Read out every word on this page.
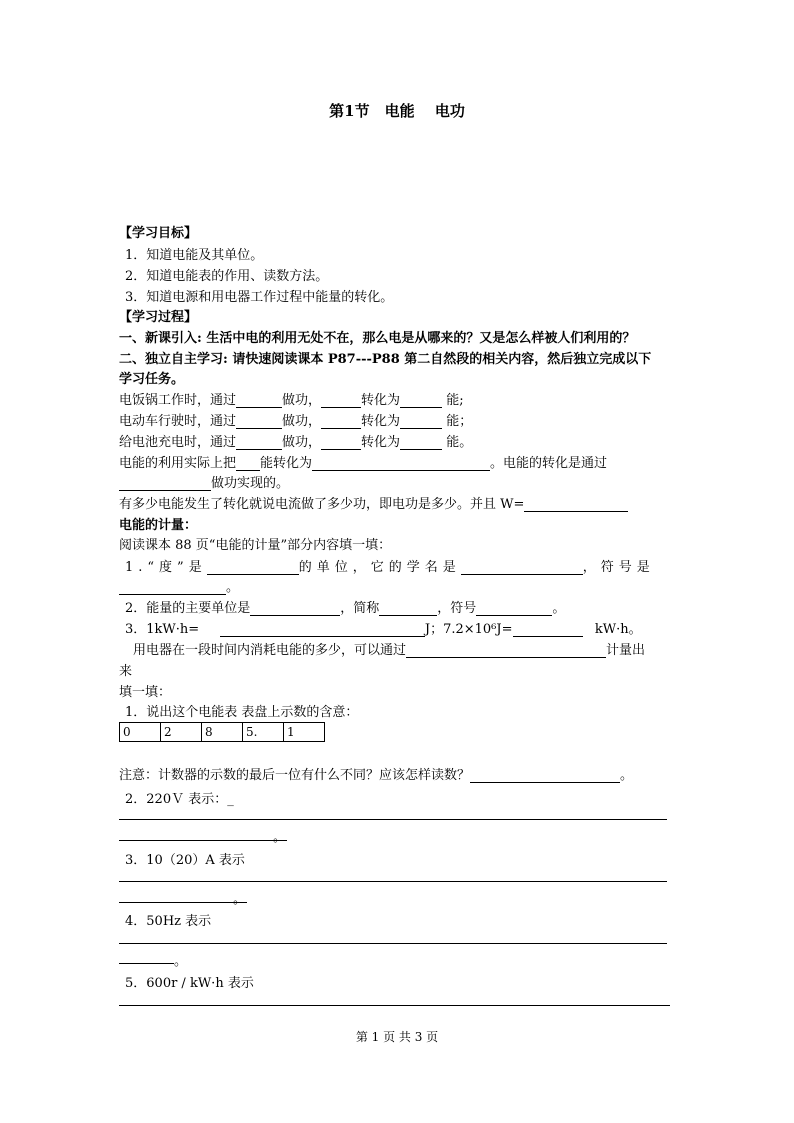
第1节　电能　 电功
【学习目标】
1．知道电能及其单位。
2．知道电能表的作用、读数方法。
3．知道电源和用电器工作过程中能量的转化。
【学习过程】
一、新课引入: 生活中电的利用无处不在，那么电是从哪来的？又是怎么样被人们利用的？
二、独立自主学习: 请快速阅读课本 P87---P88 第二自然段的相关内容，然后独立完成以下
学习任务。
电饭锅工作时，通过	做功，	转化为	能;
电动车行驶时，通过	做功，	转化为	能；
给电池充电时，通过	做功，	转化为	能。
电能的利用实际上把 能转化为	。电能的转化是通过
做功实现的。
有多少电能发生了转化就说电流做了多少功，即电功是多少。并且 W=
电能的计量：
阅读课本 88 页“电能的计量”部分内容填一填：
1.“度”是	的单位，它的学名是	，符号是
。
2．能量的主要单位是	，简称	，符号	。
3．1kW·h=	J；7.2×10⁶J=	kW·h。
用电器在一段时间内消耗电能的多少，可以通过	计量出
来
填一填：
1．说出这个电能表 表盘上示数的含意：
0	2	8	5.	1
注意：计数器的示数的最后一位有什么不同？应该怎样读数？	。
2．220Ｖ 表示：_
。
3．10（20）A 表示
。
4．50Hz 表示
。
5．600r / kW·h 表示
第 1 页 共 3 页
